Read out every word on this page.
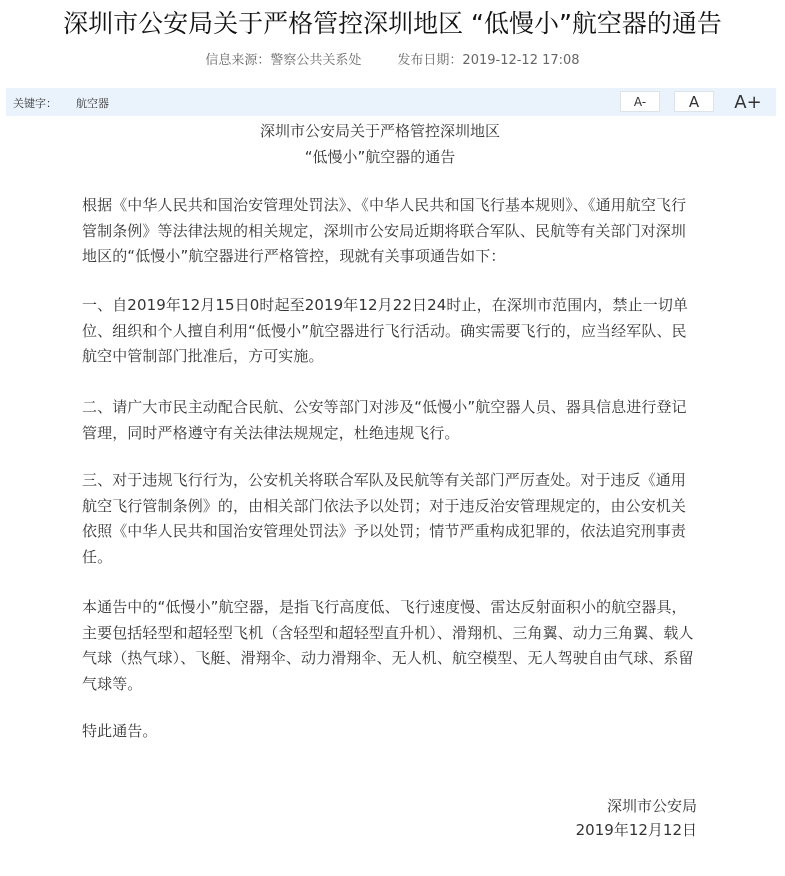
深圳市公安局关于严格管控深圳地区 “低慢小”航空器的通告
信息来源：警察公共关系处	发布日期：2019-12-12 17:08
关键字： 航空器	A-	A	A+
深圳市公安局关于严格管控深圳地区
“低慢小”航空器的通告
根据《中华人民共和国治安管理处罚法》、《中华人民共和国飞行基本规则》、《通用航空飞行管制条例》等法律法规的相关规定，深圳市公安局近期将联合军队、民航等有关部门对深圳地区的“低慢小”航空器进行严格管控，现就有关事项通告如下：
一、自2019年12月15日0时起至2019年12月22日24时止，在深圳市范围内，禁止一切单位、组织和个人擅自利用“低慢小”航空器进行飞行活动。确实需要飞行的，应当经军队、民航空中管制部门批准后，方可实施。
二、请广大市民主动配合民航、公安等部门对涉及“低慢小”航空器人员、器具信息进行登记管理，同时严格遵守有关法律法规规定，杜绝违规飞行。
三、对于违规飞行行为，公安机关将联合军队及民航等有关部门严厉查处。对于违反《通用航空飞行管制条例》的，由相关部门依法予以处罚；对于违反治安管理规定的，由公安机关依照《中华人民共和国治安管理处罚法》予以处罚；情节严重构成犯罪的，依法追究刑事责任。
本通告中的“低慢小”航空器，是指飞行高度低、飞行速度慢、雷达反射面积小的航空器具，主要包括轻型和超轻型飞机（含轻型和超轻型直升机）、滑翔机、三角翼、动力三角翼、载人气球（热气球）、飞艇、滑翔伞、动力滑翔伞、无人机、航空模型、无人驾驶自由气球、系留气球等。
特此通告。
深圳市公安局
2019年12月12日
